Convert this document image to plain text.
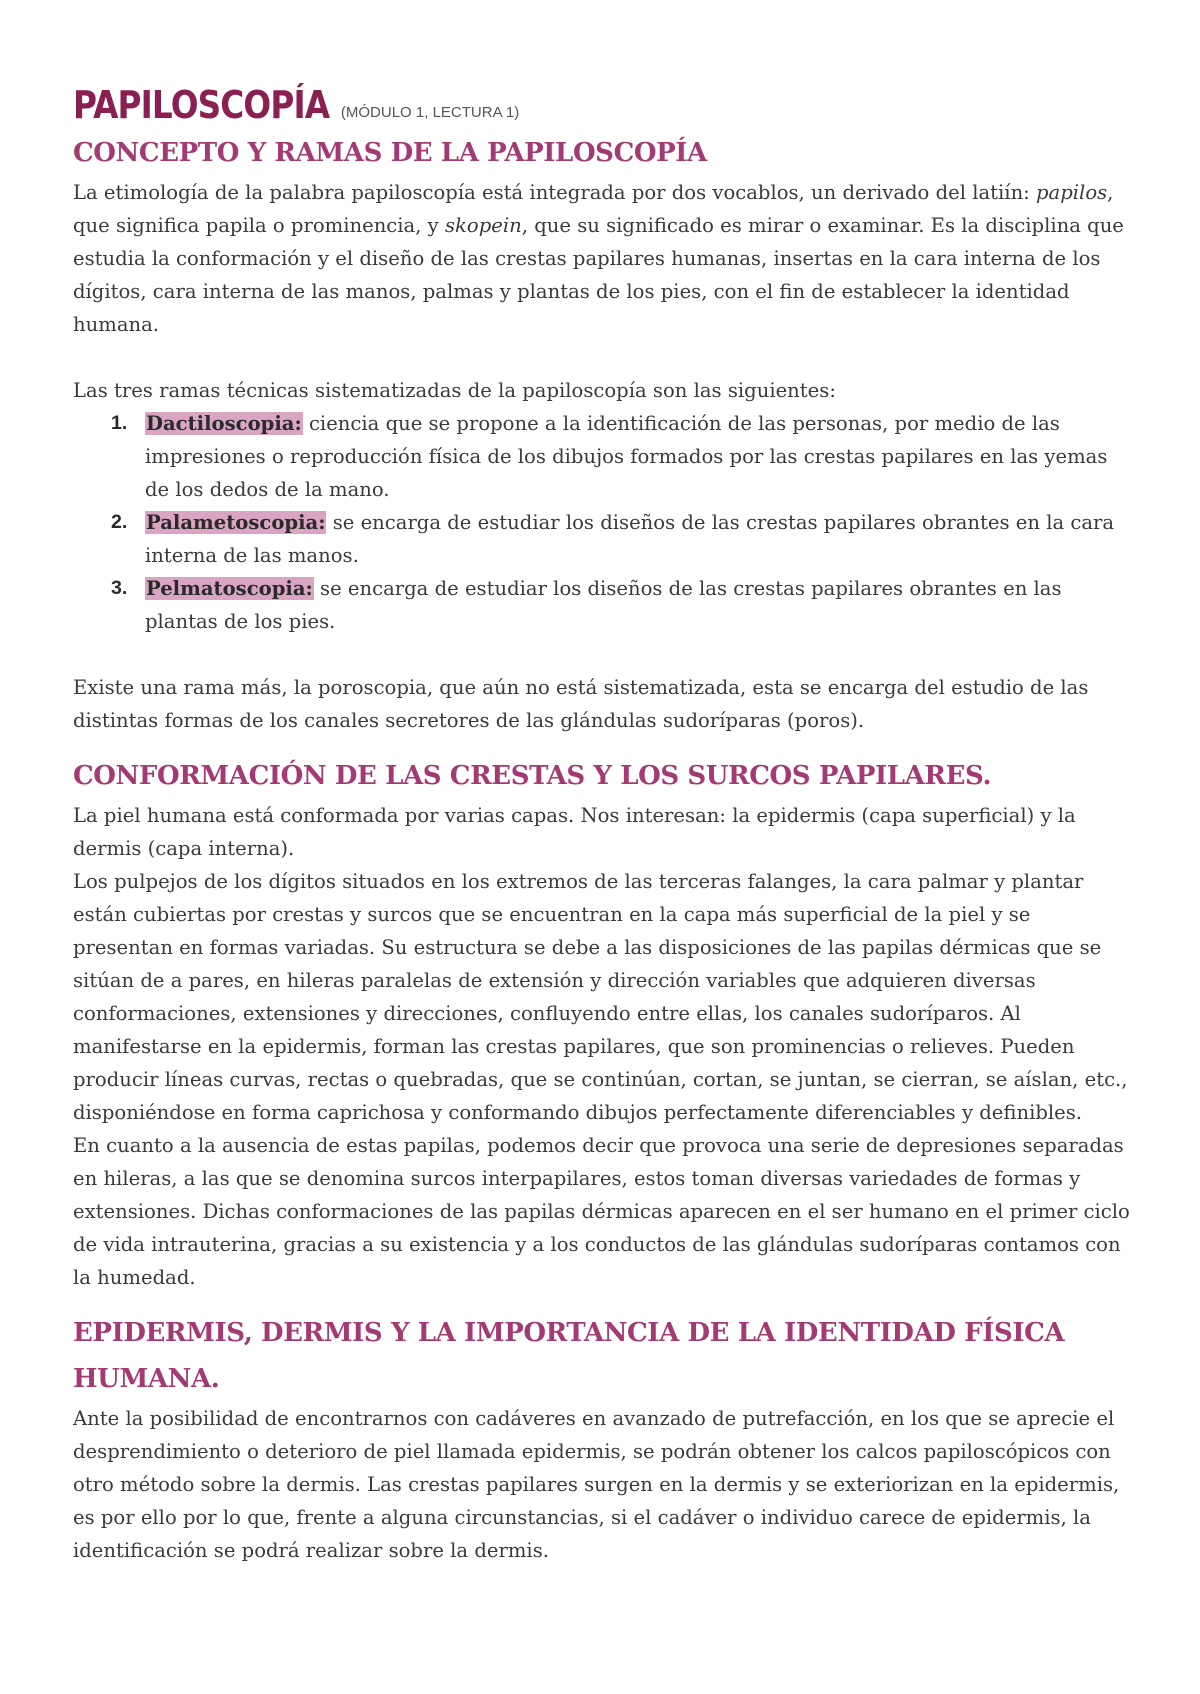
PAPILOSCOPÍA (MÓDULO 1, LECTURA 1)
CONCEPTO Y RAMAS DE LA PAPILOSCOPÍA

La etimología de la palabra papiloscopía está integrada por dos vocablos, un derivado del latiín: papilos, que significa papila o prominencia, y skopein, que su significado es mirar o examinar. Es la disciplina que estudia la conformación y el diseño de las crestas papilares humanas, insertas en la cara interna de los dígitos, cara interna de las manos, palmas y plantas de los pies, con el fin de establecer la identidad humana.

Las tres ramas técnicas sistematizadas de la papiloscopía son las siguientes:

1. Dactiloscopia: ciencia que se propone a la identificación de las personas, por medio de las impresiones o reproducción física de los dibujos formados por las crestas papilares en las yemas de los dedos de la mano.
2. Palametoscopia: se encarga de estudiar los diseños de las crestas papilares obrantes en la cara interna de las manos.
3. Pelmatoscopia: se encarga de estudiar los diseños de las crestas papilares obrantes en las plantas de los pies.

Existe una rama más, la poroscopia, que aún no está sistematizada, esta se encarga del estudio de las distintas formas de los canales secretores de las glándulas sudoríparas (poros).

CONFORMACIÓN DE LAS CRESTAS Y LOS SURCOS PAPILARES.

La piel humana está conformada por varias capas. Nos interesan: la epidermis (capa superficial) y la dermis (capa interna).

Los pulpejos de los dígitos situados en los extremos de las terceras falanges, la cara palmar y plantar están cubiertas por crestas y surcos que se encuentran en la capa más superficial de la piel y se presentan en formas variadas. Su estructura se debe a las disposiciones de las papilas dérmicas que se sitúan de a pares, en hileras paralelas de extensión y dirección variables que adquieren diversas conformaciones, extensiones y direcciones, confluyendo entre ellas, los canales sudoríparos. Al manifestarse en la epidermis, forman las crestas papilares, que son prominencias o relieves. Pueden producir líneas curvas, rectas o quebradas, que se continúan, cortan, se juntan, se cierran, se aíslan, etc., disponiéndose en forma caprichosa y conformando dibujos perfectamente diferenciables y definibles.

En cuanto a la ausencia de estas papilas, podemos decir que provoca una serie de depresiones separadas en hileras, a las que se denomina surcos interpapilares, estos toman diversas variedades de formas y extensiones. Dichas conformaciones de las papilas dérmicas aparecen en el ser humano en el primer ciclo de vida intrauterina, gracias a su existencia y a los conductos de las glándulas sudoríparas contamos con la humedad.

EPIDERMIS, DERMIS Y LA IMPORTANCIA DE LA IDENTIDAD FÍSICA HUMANA.

Ante la posibilidad de encontrarnos con cadáveres en avanzado de putrefacción, en los que se aprecie el desprendimiento o deterioro de piel llamada epidermis, se podrán obtener los calcos papiloscópicos con otro método sobre la dermis. Las crestas papilares surgen en la dermis y se exteriorizan en la epidermis, es por ello por lo que, frente a alguna circunstancias, si el cadáver o individuo carece de epidermis, la identificación se podrá realizar sobre la dermis.
